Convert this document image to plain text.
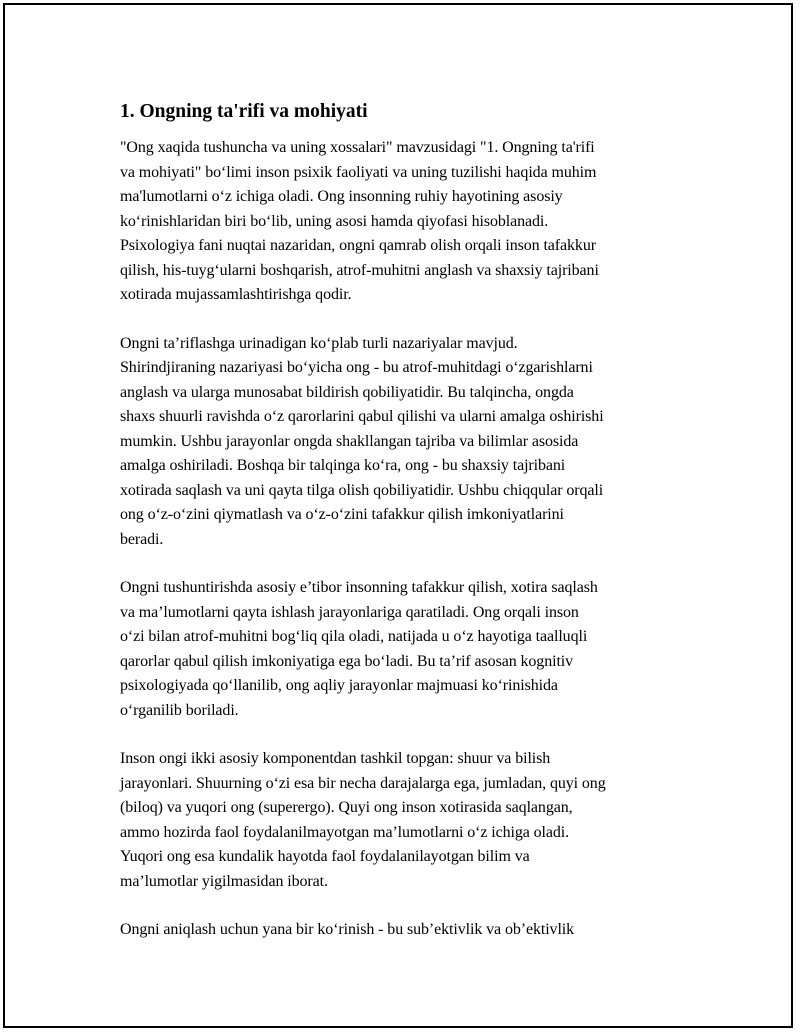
1. Ongning ta'rifi va mohiyati

"Ong xaqida tushuncha va uning xossalari" mavzusidagi "1. Ongning ta'rifi
va mohiyati" bo‘limi inson psixik faoliyati va uning tuzilishi haqida muhim
ma'lumotlarni o‘z ichiga oladi. Ong insonning ruhiy hayotining asosiy
ko‘rinishlaridan biri bo‘lib, uning asosi hamda qiyofasi hisoblanadi.
Psixologiya fani nuqtai nazaridan, ongni qamrab olish orqali inson tafakkur
qilish, his-tuyg‘ularni boshqarish, atrof-muhitni anglash va shaxsiy tajribani
xotirada mujassamlashtirishga qodir.

Ongni ta’riflashga urinadigan ko‘plab turli nazariyalar mavjud.
Shirindjiraning nazariyasi bo‘yicha ong - bu atrof-muhitdagi o‘zgarishlarni
anglash va ularga munosabat bildirish qobiliyatidir. Bu talqincha, ongda
shaxs shuurli ravishda o‘z qarorlarini qabul qilishi va ularni amalga oshirishi
mumkin. Ushbu jarayonlar ongda shakllangan tajriba va bilimlar asosida
amalga oshiriladi. Boshqa bir talqinga ko‘ra, ong - bu shaxsiy tajribani
xotirada saqlash va uni qayta tilga olish qobiliyatidir. Ushbu chiqqular orqali
ong o‘z-o‘zini qiymatlash va o‘z-o‘zini tafakkur qilish imkoniyatlarini
beradi.

Ongni tushuntirishda asosiy e’tibor insonning tafakkur qilish, xotira saqlash
va ma’lumotlarni qayta ishlash jarayonlariga qaratiladi. Ong orqali inson
o‘zi bilan atrof-muhitni bog‘liq qila oladi, natijada u o‘z hayotiga taalluqli
qarorlar qabul qilish imkoniyatiga ega bo‘ladi. Bu ta’rif asosan kognitiv
psixologiyada qo‘llanilib, ong aqliy jarayonlar majmuasi ko‘rinishida
o‘rganilib boriladi.

Inson ongi ikki asosiy komponentdan tashkil topgan: shuur va bilish
jarayonlari. Shuurning o‘zi esa bir necha darajalarga ega, jumladan, quyi ong
(biloq) va yuqori ong (superergo). Quyi ong inson xotirasida saqlangan,
ammo hozirda faol foydalanilmayotgan ma’lumotlarni o‘z ichiga oladi.
Yuqori ong esa kundalik hayotda faol foydalanilayotgan bilim va
ma’lumotlar yigilmasidan iborat.

Ongni aniqlash uchun yana bir ko‘rinish - bu sub’ektivlik va ob’ektivlik
